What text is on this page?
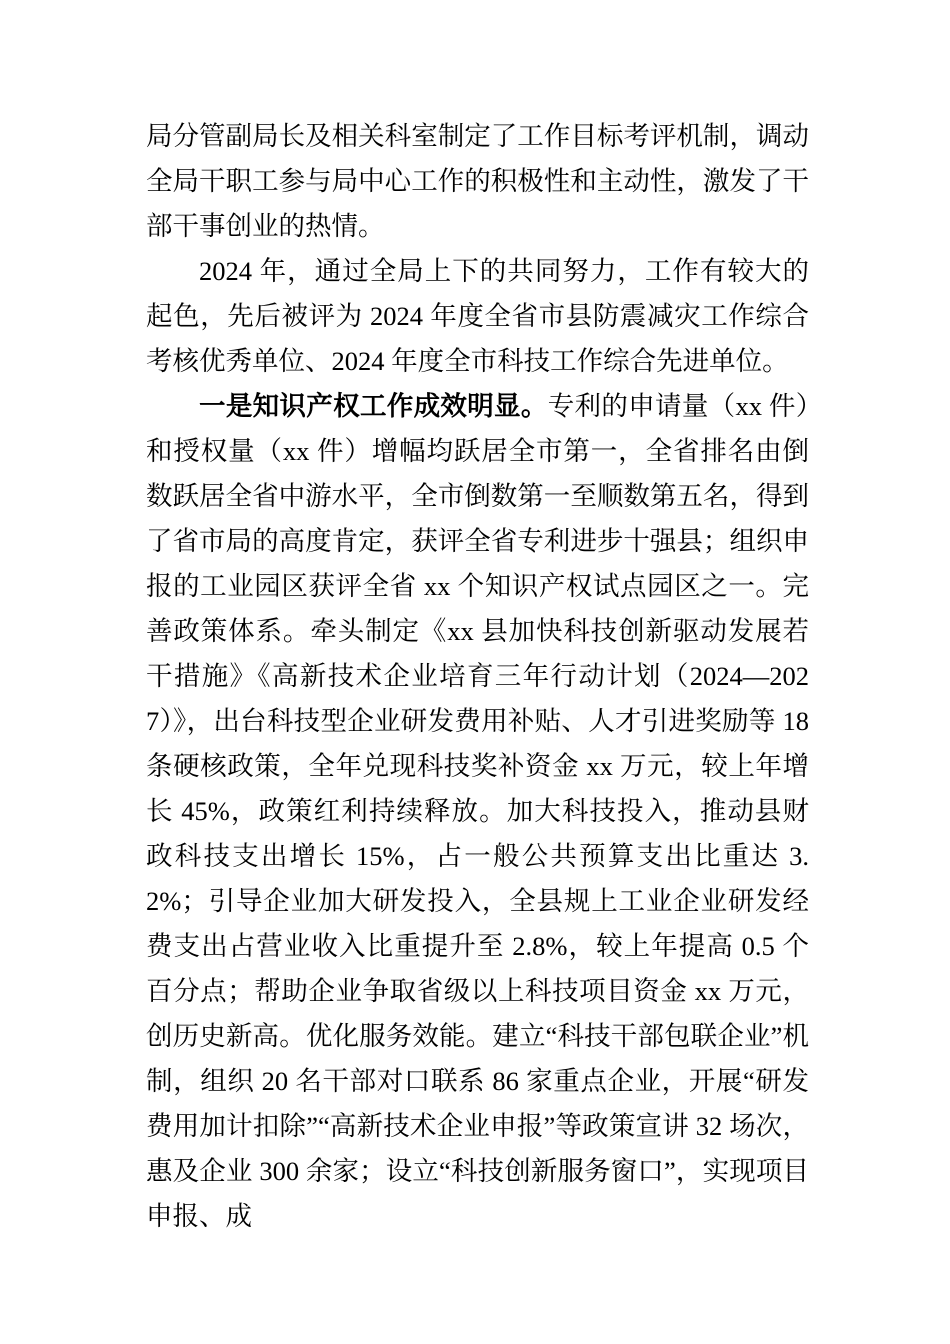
局分管副局长及相关科室制定了工作目标考评机制，调动全局干职工参与局中心工作的积极性和主动性，激发了干部干事创业的热情。

2024 年，通过全局上下的共同努力，工作有较大的起色，先后被评为 2024 年度全省市县防震减灾工作综合考核优秀单位、2024 年度全市科技工作综合先进单位。

一是知识产权工作成效明显。专利的申请量（xx 件）和授权量（xx 件）增幅均跃居全市第一，全省排名由倒数跃居全省中游水平，全市倒数第一至顺数第五名，得到了省市局的高度肯定，获评全省专利进步十强县；组织申报的工业园区获评全省 xx 个知识产权试点园区之一。完善政策体系。牵头制定《xx 县加快科技创新驱动发展若干措施》《高新技术企业培育三年行动计划（2024—2027）》，出台科技型企业研发费用补贴、人才引进奖励等 18 条硬核政策，全年兑现科技奖补资金 xx 万元，较上年增长 45%，政策红利持续释放。加大科技投入，推动县财政科技支出增长 15%，占一般公共预算支出比重达 3.2%；引导企业加大研发投入，全县规上工业企业研发经费支出占营业收入比重提升至 2.8%，较上年提高 0.5 个百分点；帮助企业争取省级以上科技项目资金 xx 万元，创历史新高。优化服务效能。建立“科技干部包联企业”机制，组织 20 名干部对口联系 86 家重点企业，开展“研发费用加计扣除”“高新技术企业申报”等政策宣讲 32 场次，惠及企业 300 余家；设立“科技创新服务窗口”，实现项目申报、成
